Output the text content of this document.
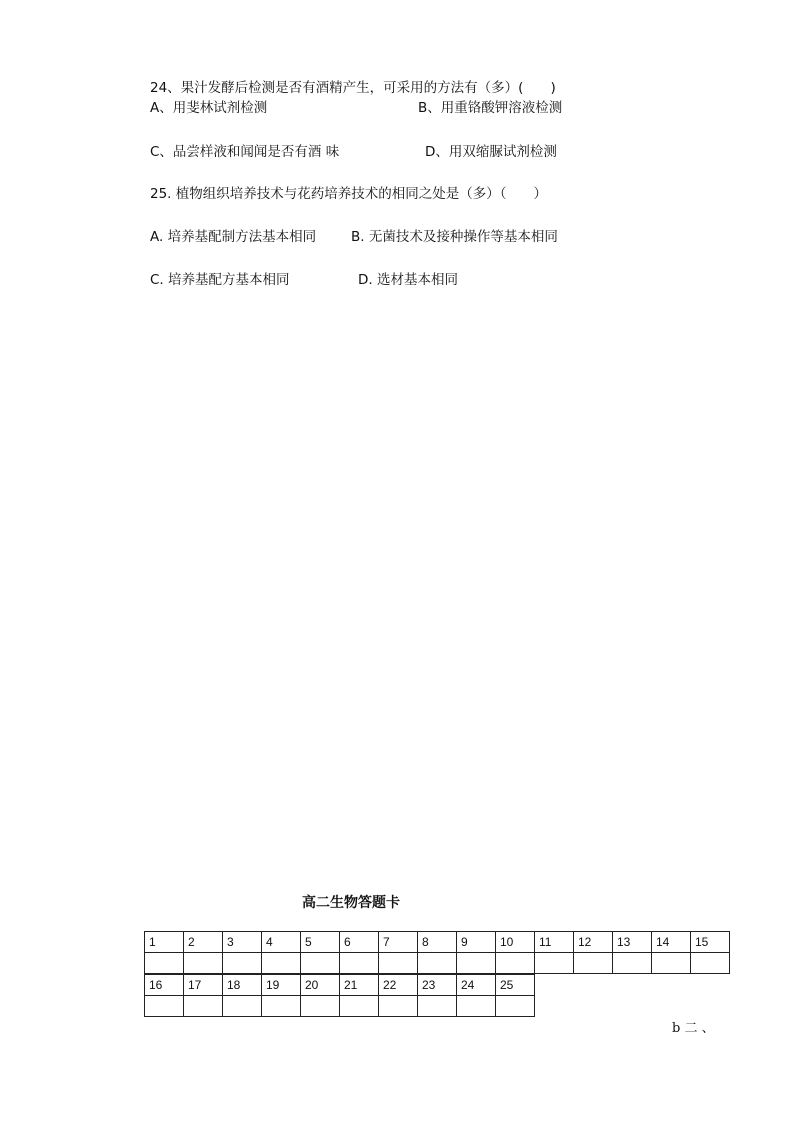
24、果汁发酵后检测是否有酒精产生，可采用的方法有（多）(　　)
A、用斐林试剂检测	B、用重铬酸钾溶液检测
C、品尝样液和闻闻是否有酒 味	D、用双缩脲试剂检测
25. 植物组织培养技术与花药培养技术的相同之处是（多）（　　）
A. 培养基配制方法基本相同	B. 无菌技术及接种操作等基本相同
C. 培养基配方基本相同	D. 选材基本相同
高二生物答题卡
1	2	3	4	5	6	7	8	9	10	11	12	13	14	15

16	17	18	19	20	21	22	23	24	25

b 二 、
